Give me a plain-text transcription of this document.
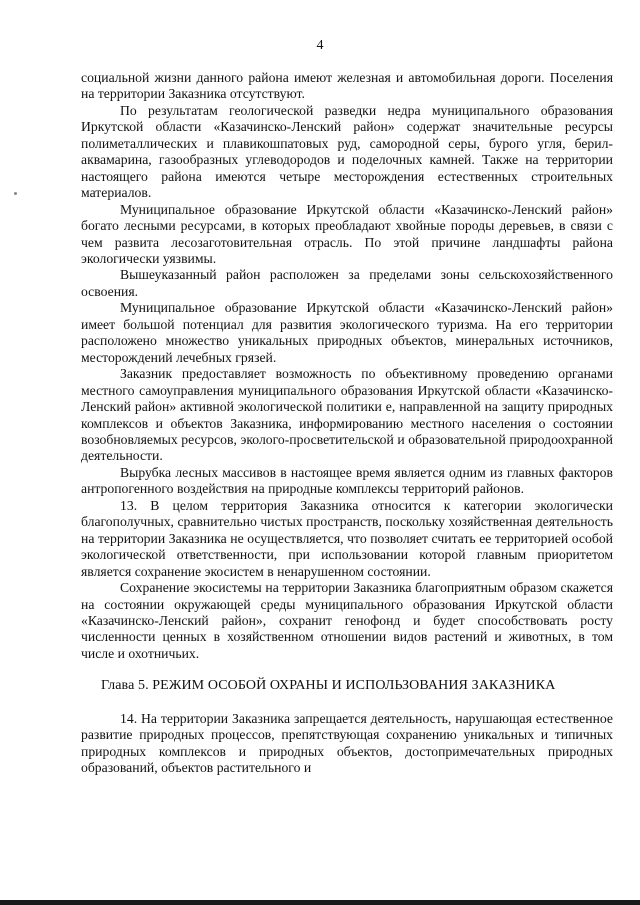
4

социальной жизни данного района имеют железная и автомобильная дороги. Поселения на территории Заказника отсутствуют.

По результатам геологической разведки недра муниципального образования Иркутской области «Казачинско-Ленский район» содержат значительные ресурсы полиметаллических и плавикошпатовых руд, самородной серы, бурого угля, берил-аквамарина, газообразных углеводородов и поделочных камней. Также на территории настоящего района имеются четыре месторождения естественных строительных материалов.

Муниципальное образование Иркутской области «Казачинско-Ленский район» богато лесными ресурсами, в которых преобладают хвойные породы деревьев, в связи с чем развита лесозаготовительная отрасль. По этой причине ландшафты района экологически уязвимы.

Вышеуказанный район расположен за пределами зоны сельскохозяйственного освоения.

Муниципальное образование Иркутской области «Казачинско-Ленский район» имеет большой потенциал для развития экологического туризма. На его территории расположено множество уникальных природных объектов, минеральных источников, месторождений лечебных грязей.

Заказник предоставляет возможность по объективному проведению органами местного самоуправления муниципального образования Иркутской области «Казачинско-Ленский район» активной экологической политики е, направленной на защиту природных комплексов и объектов Заказника, информированию местного населения о состоянии возобновляемых ресурсов, эколого-просветительской и образовательной природоохранной деятельности.

Вырубка лесных массивов в настоящее время является одним из главных факторов антропогенного воздействия на природные комплексы территорий районов.

13. В целом территория Заказника относится к категории экологически благополучных, сравнительно чистых пространств, поскольку хозяйственная деятельность на территории Заказника не осуществляется, что позволяет считать ее территорией особой экологической ответственности, при использовании которой главным приоритетом является сохранение экосистем в ненарушенном состоянии.

Сохранение экосистемы на территории Заказника благоприятным образом скажется на состоянии окружающей среды муниципального образования Иркутской области «Казачинско-Ленский район», сохранит генофонд и будет способствовать росту численности ценных в хозяйственном отношении видов растений и животных, в том числе и охотничьих.

Глава 5. РЕЖИМ ОСОБОЙ ОХРАНЫ И ИСПОЛЬЗОВАНИЯ ЗАКАЗНИКА

14. На территории Заказника запрещается деятельность, нарушающая естественное развитие природных процессов, препятствующая сохранению уникальных и типичных природных комплексов и природных объектов, достопримечательных природных образований, объектов растительного и
